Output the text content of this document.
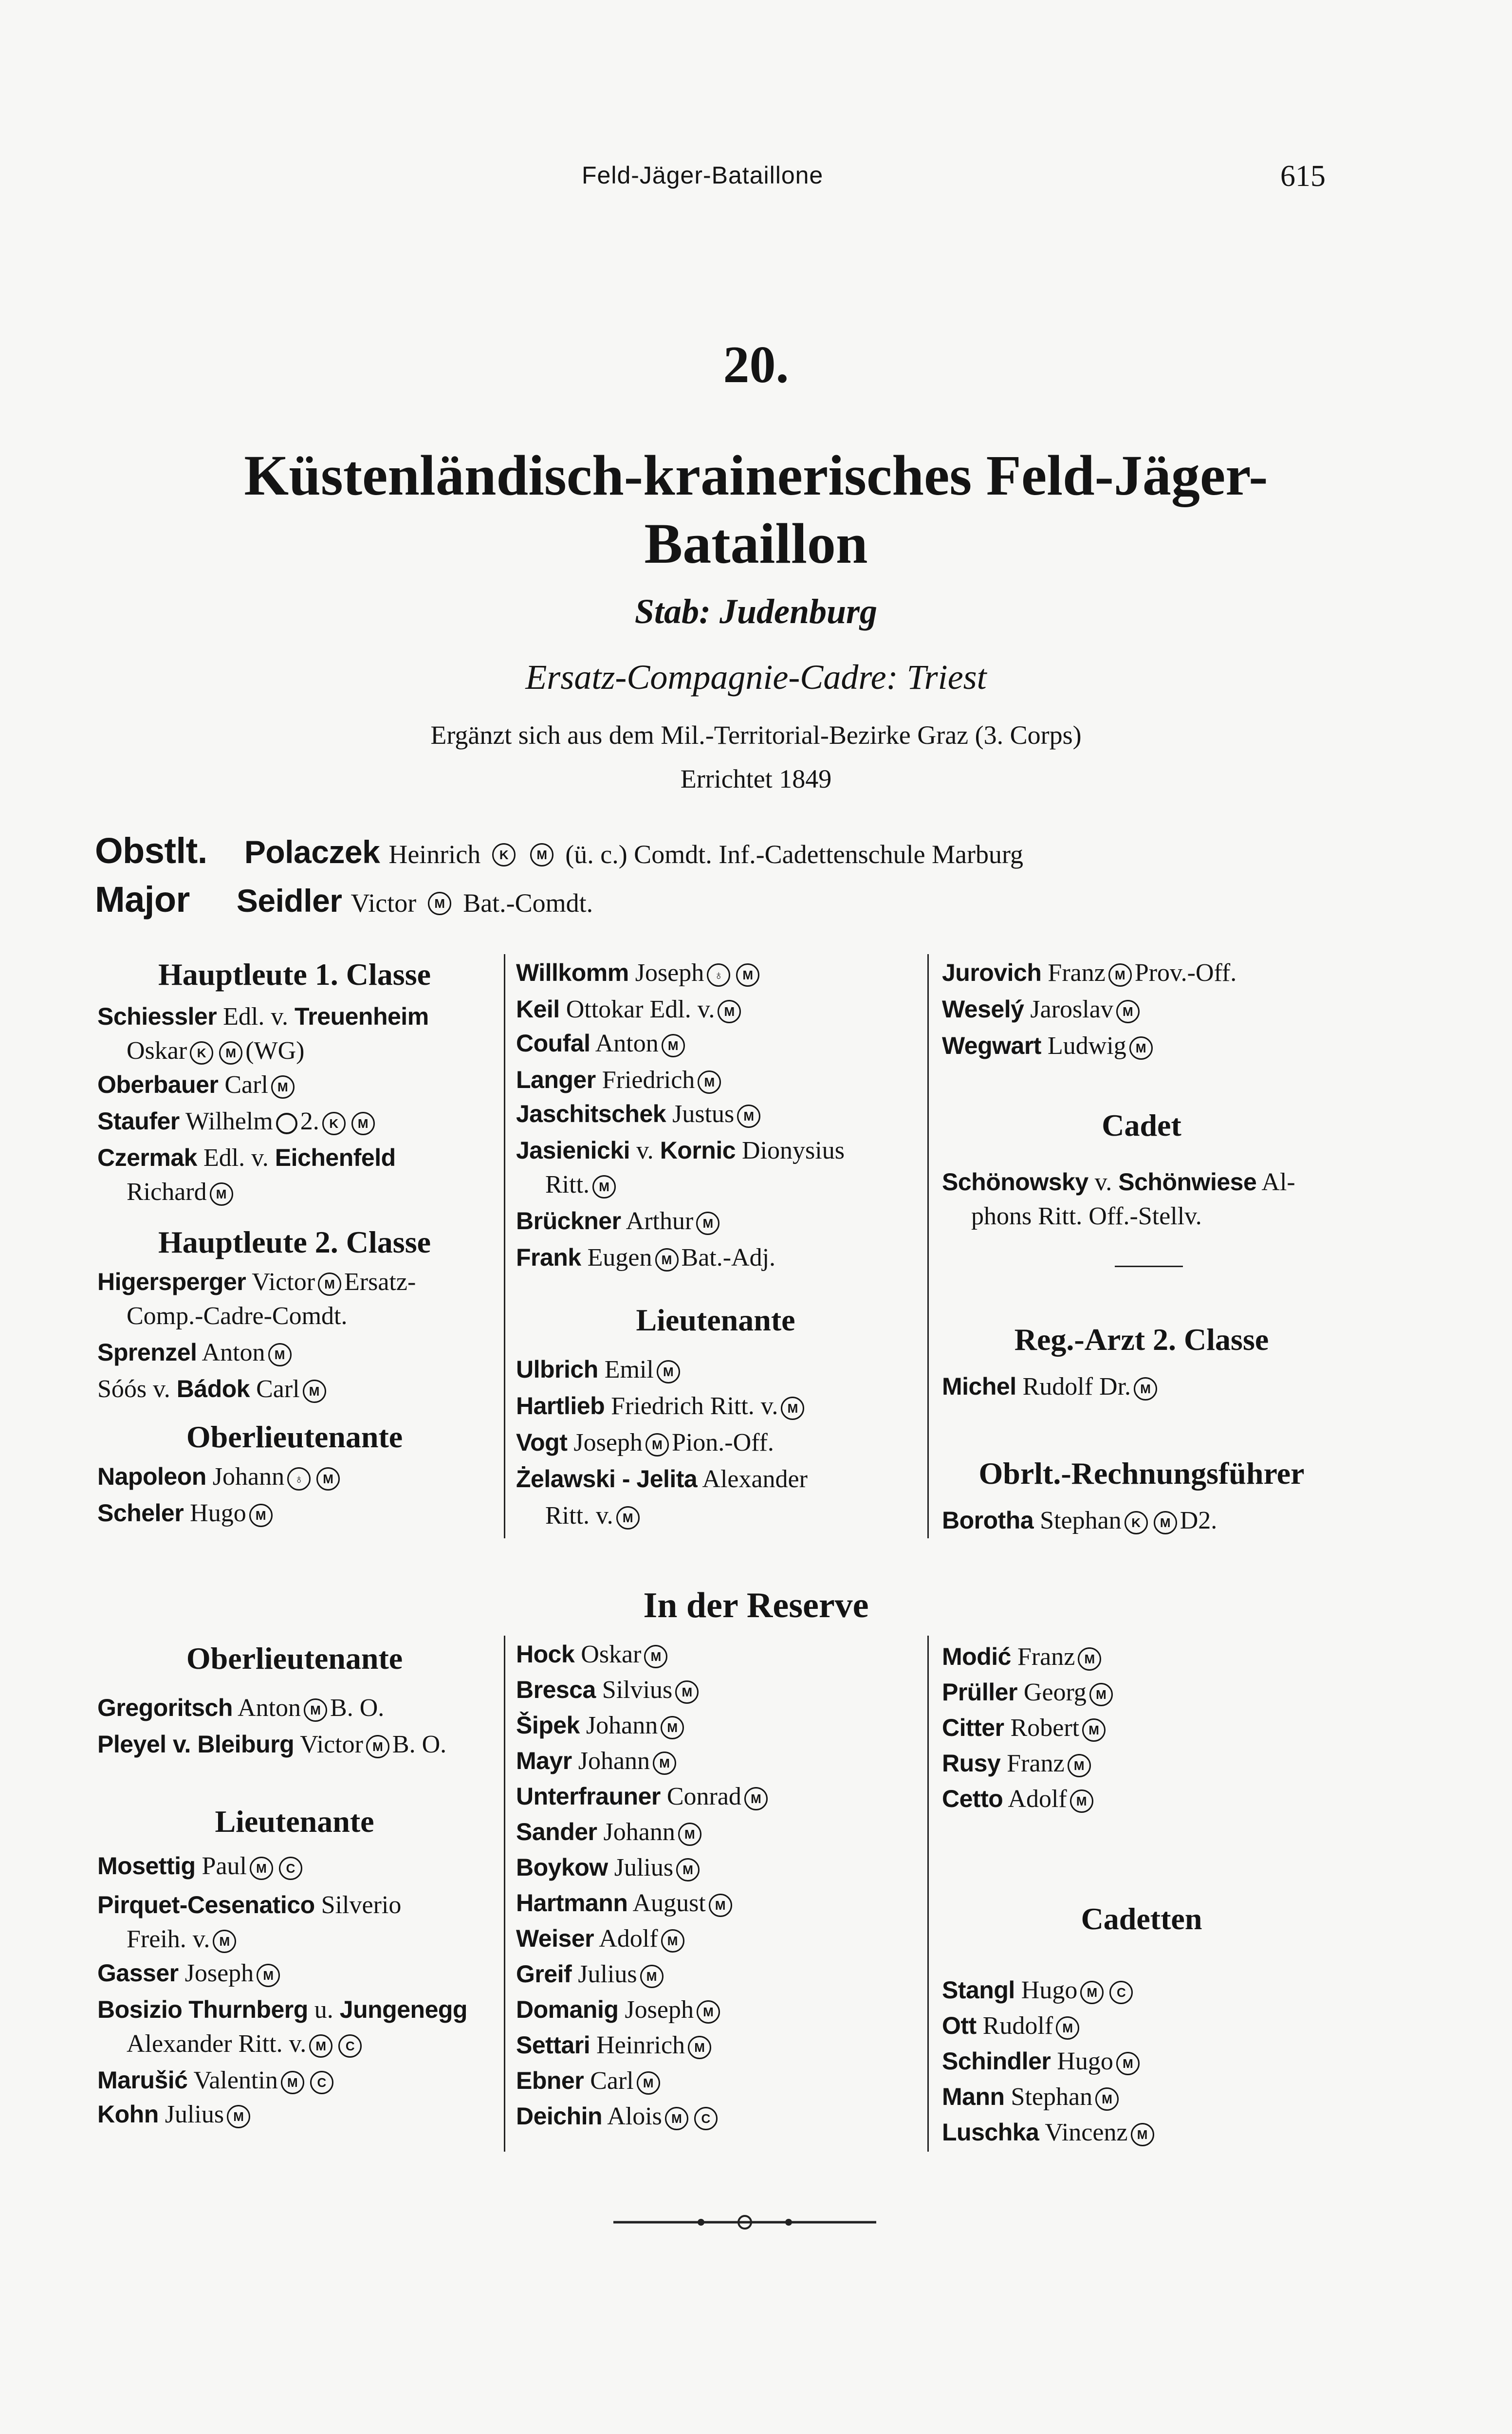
Feld-Jäger-Bataillone	615
20.
Küstenländisch-krainerisches Feld-Jäger-
Bataillon
Stab: Judenburg
Ersatz-Compagnie-Cadre: Triest
Ergänzt sich aus dem Mil.-Territorial-Bezirke Graz (3. Corps)
Errichtet 1849
Obstlt. Polaczek Heinrich K M (ü. c.) Comdt. Inf.-Cadettenschule Marburg
Major Seidler Victor M Bat.-Comdt.
Hauptleute 1. Classe
Schiessler Edl. v. Treuenheim
Oskar K M (WG)
Oberbauer Carl M
Staufer Wilhelm 2. K M
Czermak Edl. v. Eichenfeld
Richard M
Hauptleute 2. Classe
Higersperger Victor M Ersatz-
Comp.-Cadre-Comdt.
Sprenzel Anton M
Sóós v. Bádok Carl M
Oberlieutenante
Napoleon Johann ♁ M
Scheler Hugo M
Willkomm Joseph ♁ M
Keil Ottokar Edl. v. M
Coufal Anton M
Langer Friedrich M
Jaschitschek Justus M
Jasienicki v. Kornic Dionysius
Ritt. M
Brückner Arthur M
Frank Eugen M Bat.-Adj.
Lieutenante
Ulbrich Emil M
Hartlieb Friedrich Ritt. v. M
Vogt Joseph M Pion.-Off.
Żelawski - Jelita Alexander
Ritt. v. M
Jurovich Franz M Prov.-Off.
Weselý Jaroslav M
Wegwart Ludwig M
Cadet
Schönowsky v. Schönwiese Al-
phons Ritt. Off.-Stellv.
Reg.-Arzt 2. Classe
Michel Rudolf Dr. M
Obrlt.-Rechnungsführer
Borotha Stephan K M D2.
In der Reserve
Oberlieutenante
Gregoritsch Anton M B. O.
Pleyel v. Bleiburg Victor M B. O.
Lieutenante
Mosettig Paul M C
Pirquet-Cesenatico Silverio
Freih. v. M
Gasser Joseph M
Bosizio Thurnberg u. Jungenegg
Alexander Ritt. v. M C
Marušić Valentin M C
Kohn Julius M
Hock Oskar M
Bresca Silvius M
Šipek Johann M
Mayr Johann M
Unterfrauner Conrad M
Sander Johann M
Boykow Julius M
Hartmann August M
Weiser Adolf M
Greif Julius M
Domanig Joseph M
Settari Heinrich M
Ebner Carl M
Deichin Alois M C
Modić Franz M
Prüller Georg M
Citter Robert M
Rusy Franz M
Cetto Adolf M
Stangl Hugo M C
Ott Rudolf M
Schindler Hugo M
Mann Stephan M
Luschka Vincenz M
Cadetten
